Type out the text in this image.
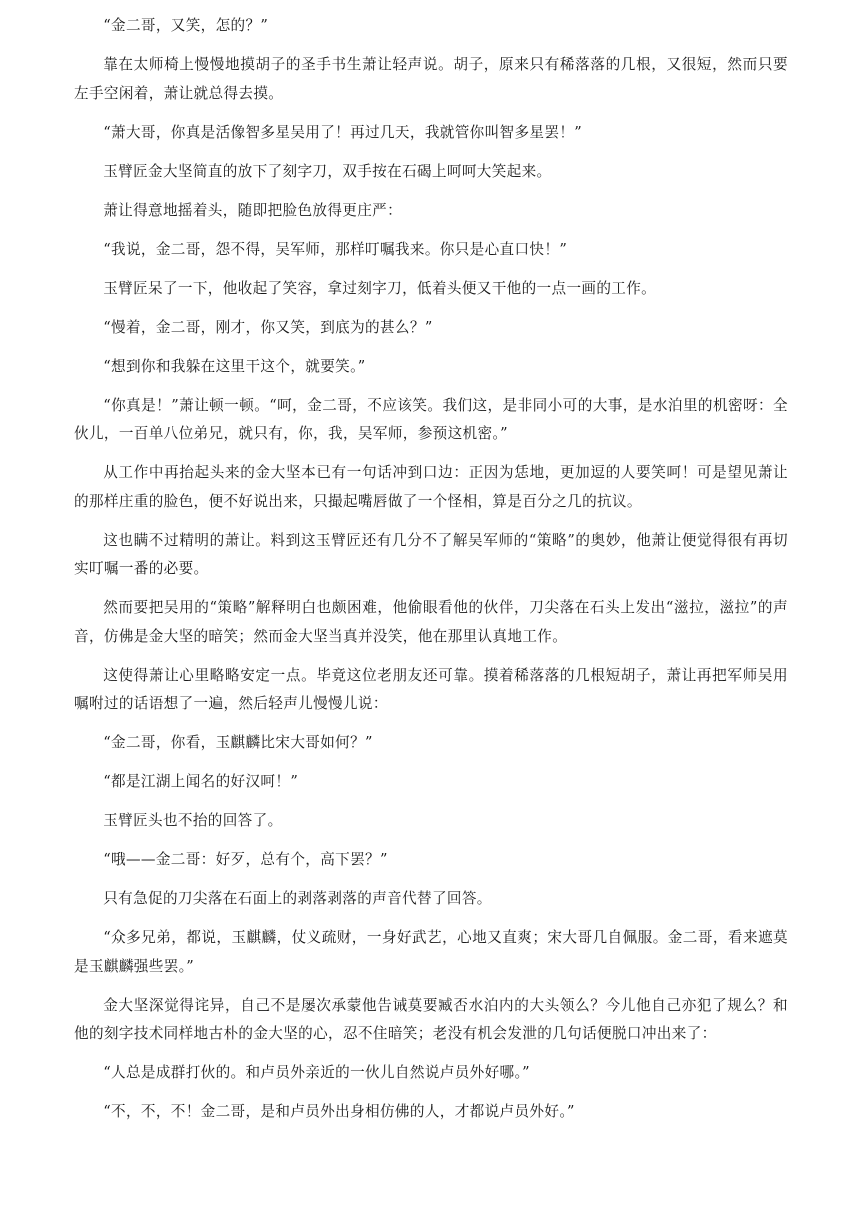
“金二哥，又笑，怎的？”

靠在太师椅上慢慢地摸胡子的圣手书生萧让轻声说。胡子，原来只有稀落落的几根，又很短，然而只要左手空闲着，萧让就总得去摸。

“萧大哥，你真是活像智多星吴用了！再过几天，我就管你叫智多星罢！”

玉臂匠金大坚简直的放下了刻字刀，双手按在石碣上呵呵大笑起来。

萧让得意地摇着头，随即把脸色放得更庄严：

“我说，金二哥，怨不得，吴军师，那样叮嘱我来。你只是心直口快！”

玉臂匠呆了一下，他收起了笑容，拿过刻字刀，低着头便又干他的一点一画的工作。

“慢着，金二哥，刚才，你又笑，到底为的甚么？”

“想到你和我躲在这里干这个，就要笑。”

“你真是！”萧让顿一顿。“呵，金二哥，不应该笑。我们这，是非同小可的大事，是水泊里的机密呀：全伙儿，一百单八位弟兄，就只有，你，我，吴军师，参预这机密。”

从工作中再抬起头来的金大坚本已有一句话冲到口边：正因为恁地，更加逗的人要笑呵！可是望见萧让的那样庄重的脸色，便不好说出来，只撮起嘴唇做了一个怪相，算是百分之几的抗议。

这也瞒不过精明的萧让。料到这玉臂匠还有几分不了解吴军师的“策略”的奥妙，他萧让便觉得很有再切实叮嘱一番的必要。

然而要把吴用的“策略”解释明白也颇困难，他偷眼看他的伙伴，刀尖落在石头上发出“滋拉，滋拉”的声音，仿佛是金大坚的暗笑；然而金大坚当真并没笑，他在那里认真地工作。

这使得萧让心里略略安定一点。毕竟这位老朋友还可靠。摸着稀落落的几根短胡子，萧让再把军师吴用嘱咐过的话语想了一遍，然后轻声儿慢慢儿说：

“金二哥，你看，玉麒麟比宋大哥如何？”

“都是江湖上闻名的好汉呵！”

玉臂匠头也不抬的回答了。

“哦——金二哥：好歹，总有个，高下罢？”

只有急促的刀尖落在石面上的剥落剥落的声音代替了回答。

“众多兄弟，都说，玉麒麟，仗义疏财，一身好武艺，心地又直爽；宋大哥几自佩服。金二哥，看来遮莫是玉麒麟强些罢。”

金大坚深觉得诧异，自己不是屡次承蒙他告诫莫要臧否水泊内的大头领么？今儿他自己亦犯了规么？和他的刻字技术同样地古朴的金大坚的心，忍不住暗笑；老没有机会发泄的几句话便脱口冲出来了：

“人总是成群打伙的。和卢员外亲近的一伙儿自然说卢员外好哪。”

“不，不，不！金二哥，是和卢员外出身相仿佛的人，才都说卢员外好。”
